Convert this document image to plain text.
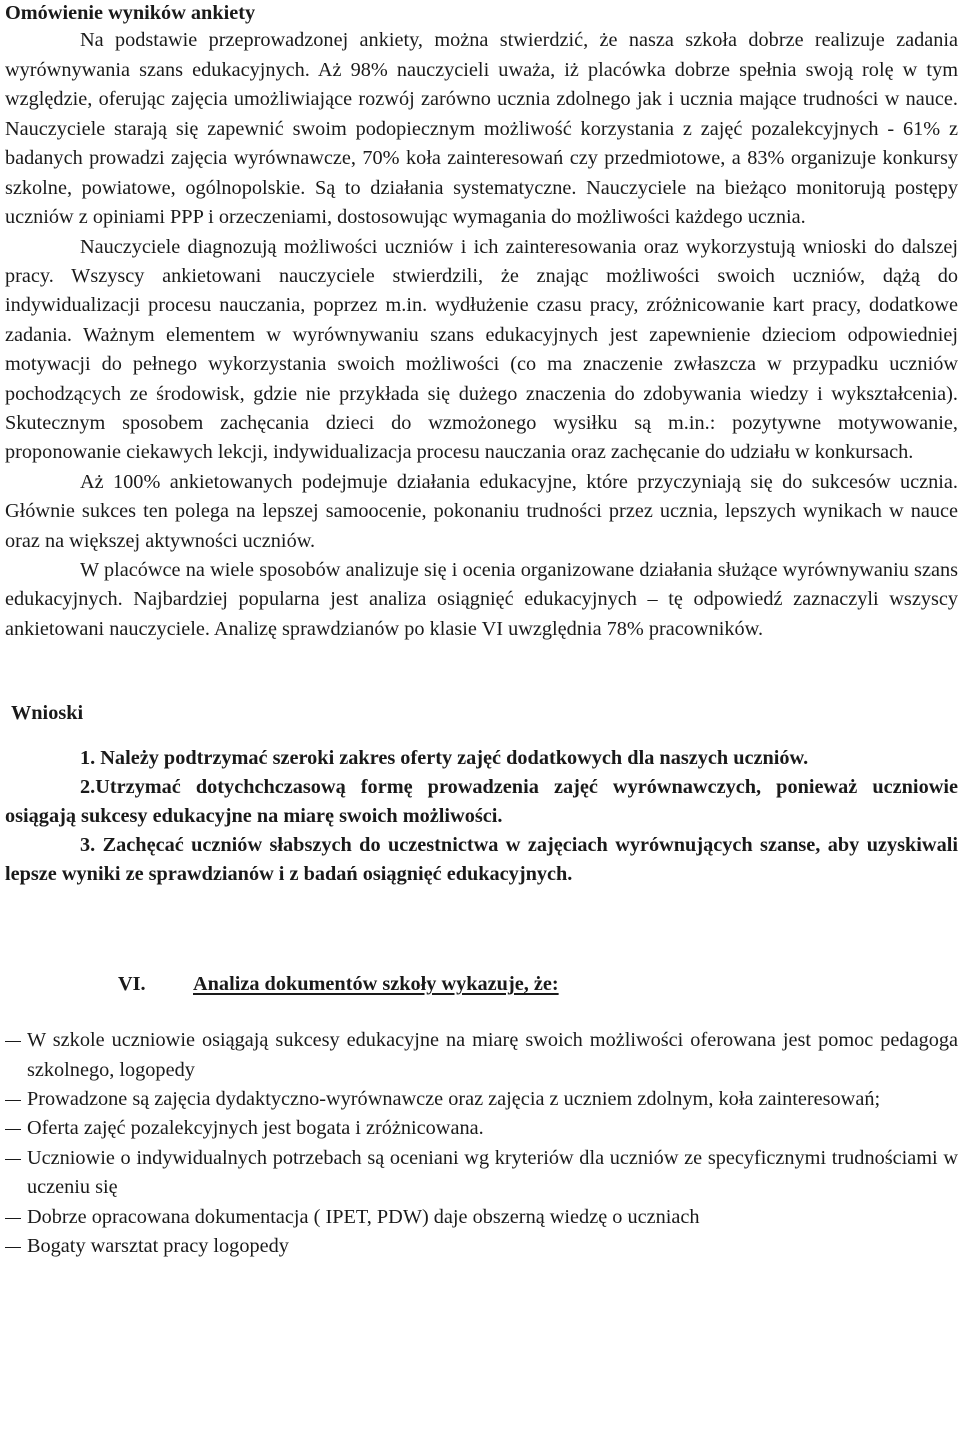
Omówienie wyników ankiety

Na podstawie przeprowadzonej ankiety, można stwierdzić, że nasza szkoła dobrze realizuje zadania wyrównywania szans edukacyjnych. Aż 98% nauczycieli uważa, iż placówka dobrze spełnia swoją rolę w tym względzie, oferując zajęcia umożliwiające rozwój zarówno ucznia zdolnego jak i ucznia mające trudności w nauce. Nauczyciele starają się zapewnić swoim podopiecznym możliwość korzystania z zajęć pozalekcyjnych - 61% z badanych prowadzi zajęcia wyrównawcze, 70% koła zainteresowań czy przedmiotowe, a 83% organizuje konkursy szkolne, powiatowe, ogólnopolskie. Są to działania systematyczne. Nauczyciele na bieżąco monitorują postępy uczniów z opiniami PPP i orzeczeniami, dostosowując wymagania do możliwości każdego ucznia.

Nauczyciele diagnozują możliwości uczniów i ich zainteresowania oraz wykorzystują wnioski do dalszej pracy. Wszyscy ankietowani nauczyciele stwierdzili, że znając możliwości swoich uczniów, dążą do indywidualizacji procesu nauczania, poprzez m.in. wydłużenie czasu pracy, zróżnicowanie kart pracy, dodatkowe zadania. Ważnym elementem w wyrównywaniu szans edukacyjnych jest zapewnienie dzieciom odpowiedniej motywacji do pełnego wykorzystania swoich możliwości (co ma znaczenie zwłaszcza w przypadku uczniów pochodzących ze środowisk, gdzie nie przykłada się dużego znaczenia do zdobywania wiedzy i wykształcenia). Skutecznym sposobem zachęcania dzieci do wzmożonego wysiłku są m.in.: pozytywne motywowanie, proponowanie ciekawych lekcji, indywidualizacja procesu nauczania oraz zachęcanie do udziału w konkursach.

Aż 100% ankietowanych podejmuje działania edukacyjne, które przyczyniają się do sukcesów ucznia. Głównie sukces ten polega na lepszej samoocenie, pokonaniu trudności przez ucznia, lepszych wynikach w nauce oraz na większej aktywności uczniów.

W placówce na wiele sposobów analizuje się i ocenia organizowane działania służące wyrównywaniu szans edukacyjnych. Najbardziej popularna jest analiza osiągnięć edukacyjnych – tę odpowiedź zaznaczyli wszyscy ankietowani nauczyciele. Analizę sprawdzianów po klasie VI uwzględnia 78% pracowników.

Wnioski

1. Należy podtrzymać szeroki zakres oferty zajęć dodatkowych dla naszych uczniów.

2.Utrzymać dotychchczasową formę prowadzenia zajęć wyrównawczych, ponieważ uczniowie osiągają sukcesy edukacyjne na miarę swoich możliwości.

3. Zachęcać uczniów słabszych do uczestnictwa w zajęciach wyrównujących szanse, aby uzyskiwali lepsze wyniki ze sprawdzianów i z badań osiągnięć edukacyjnych.

VI. Analiza dokumentów szkoły wykazuje, że:
W szkole uczniowie osiągają sukcesy edukacyjne na miarę swoich możliwości oferowana jest pomoc pedagoga szkolnego, logopedy
Prowadzone są zajęcia dydaktyczno-wyrównawcze oraz zajęcia z uczniem zdolnym, koła zainteresowań;
Oferta zajęć pozalekcyjnych jest bogata i zróżnicowana.
Uczniowie o indywidualnych potrzebach są oceniani wg kryteriów dla uczniów ze specyficznymi trudnościami w uczeniu się
Dobrze opracowana dokumentacja ( IPET, PDW) daje obszerną wiedzę o uczniach
Bogaty warsztat pracy logopedy
